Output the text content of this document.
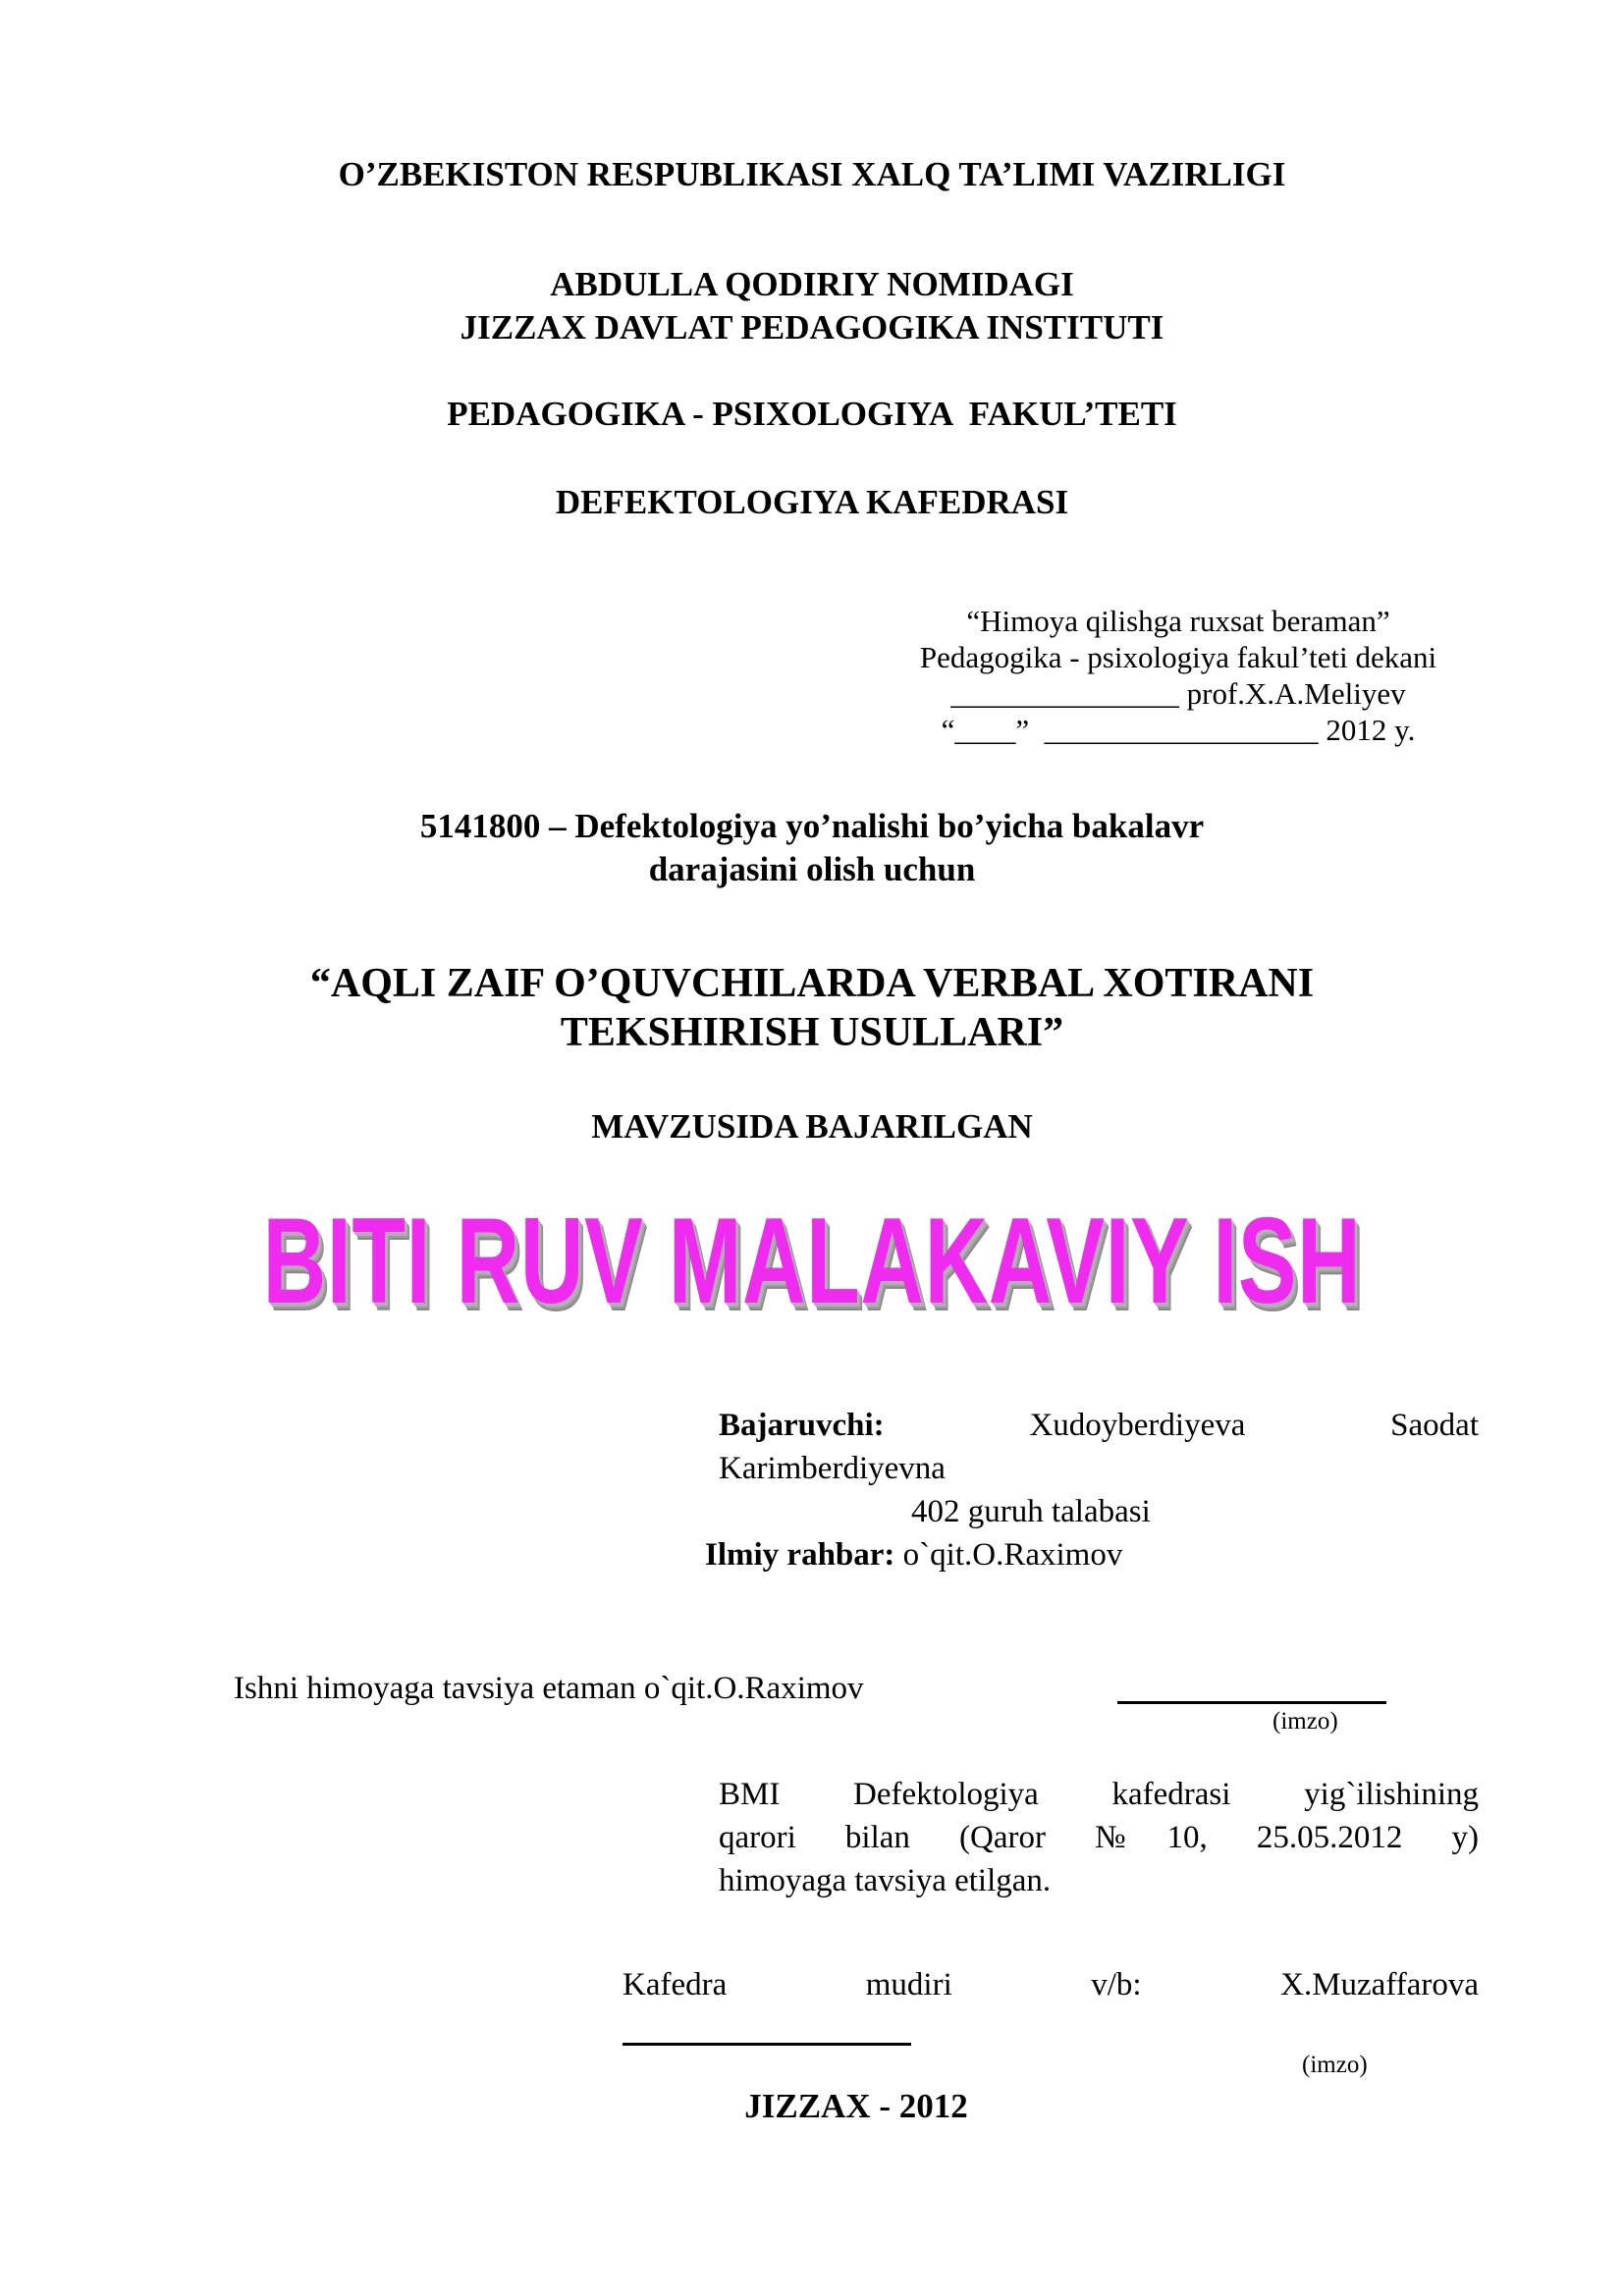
O’ZBEKISTON RESPUBLIKASI XALQ TA’LIMI VAZIRLIGI
ABDULLA QODIRIY NOMIDAGI
JIZZAX DAVLAT PEDAGOGIKA INSTITUTI
PEDAGOGIKA - PSIXOLOGIYA  FAKUL’TETI
DEFEKTOLOGIYA KAFEDRASI
“Himoya qilishga ruxsat beraman”
Pedagogika - psixologiya fakul’teti dekani
_______________ prof.X.A.Meliyev
“____”  __________________ 2012 y.
5141800 – Defektologiya yo’nalishi bo’yicha bakalavr
darajasini olish uchun
“AQLI ZAIF O’QUVCHILARDA VERBAL XOTIRANI
TEKSHIRISH USULLARI”
MAVZUSIDA BAJARILGAN
BITI RUV MALAKAVIY ISH
Bajaruvchi:	Xudoyberdiyeva	Saodat
Karimberdiyevna
402 guruh talabasi
Ilmiy rahbar: o`qit.O.Raximov
Ishni himoyaga tavsiya etaman o`qit.O.Raximov
(imzo)
BMI Defektologiya kafedrasi yig`ilishining
qarori bilan (Qaror №10, 25.05.2012 y)
himoyaga tavsiya etilgan.
Kafedra	mudiri	v/b:	X.Muzaffarova
(imzo)
JIZZAX - 2012
